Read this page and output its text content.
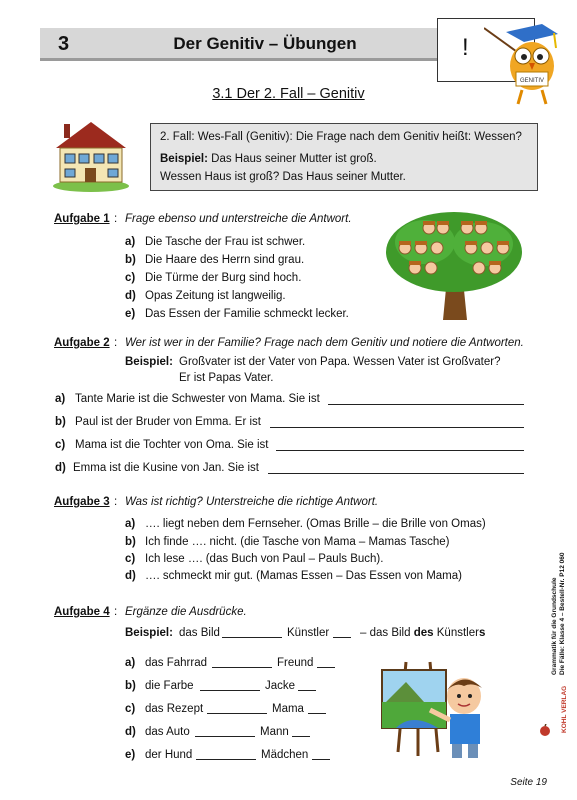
3	Der Genitiv – Übungen	!
GENITIV
3.1 Der 2. Fall – Genitiv
2. Fall: Wes-Fall (Genitiv): Die Frage nach dem Genitiv heißt: Wessen?
Beispiel: Das Haus seiner Mutter ist groß.
Wessen Haus ist groß? Das Haus seiner Mutter.
Aufgabe 1 : Frage ebenso und unterstreiche die Antwort.
a) Die Tasche der Frau ist schwer.
b) Die Haare des Herrn sind grau.
c) Die Türme der Burg sind hoch.
d) Opas Zeitung ist langweilig.
e) Das Essen der Familie schmeckt lecker.
Aufgabe 2 : Wer ist wer in der Familie? Frage nach dem Genitiv und notiere die Antworten.
Beispiel: Großvater ist der Vater von Papa. Wessen Vater ist Großvater?
Er ist Papas Vater.
a) Tante Marie ist die Schwester von Mama. Sie ist
b) Paul ist der Bruder von Emma. Er ist
c) Mama ist die Tochter von Oma. Sie ist
d) Emma ist die Kusine von Jan. Sie ist
Aufgabe 3 : Was ist richtig? Unterstreiche die richtige Antwort.
a) …. liegt neben dem Fernseher. (Omas Brille – die Brille von Omas)
b) Ich finde …. nicht. (die Tasche von Mama – Mamas Tasche)
c) Ich lese …. (das Buch von Paul – Pauls Buch).
d) …. schmeckt mir gut. (Mamas Essen – Das Essen von Mama)
Aufgabe 4 : Ergänze die Ausdrücke.
Beispiel: das Bild	Künstler	– das Bild des Künstlers
a) das Fahrrad	Freund
b) die Farbe	Jacke
c) das Rezept	Mama
d) das Auto	Mann
e) der Hund	Mädchen
Grammatik für die Grundschule Die Fälle: Klasse 4 – Bestell-Nr. P12 060
KOHL VERLAG
Seite 19
